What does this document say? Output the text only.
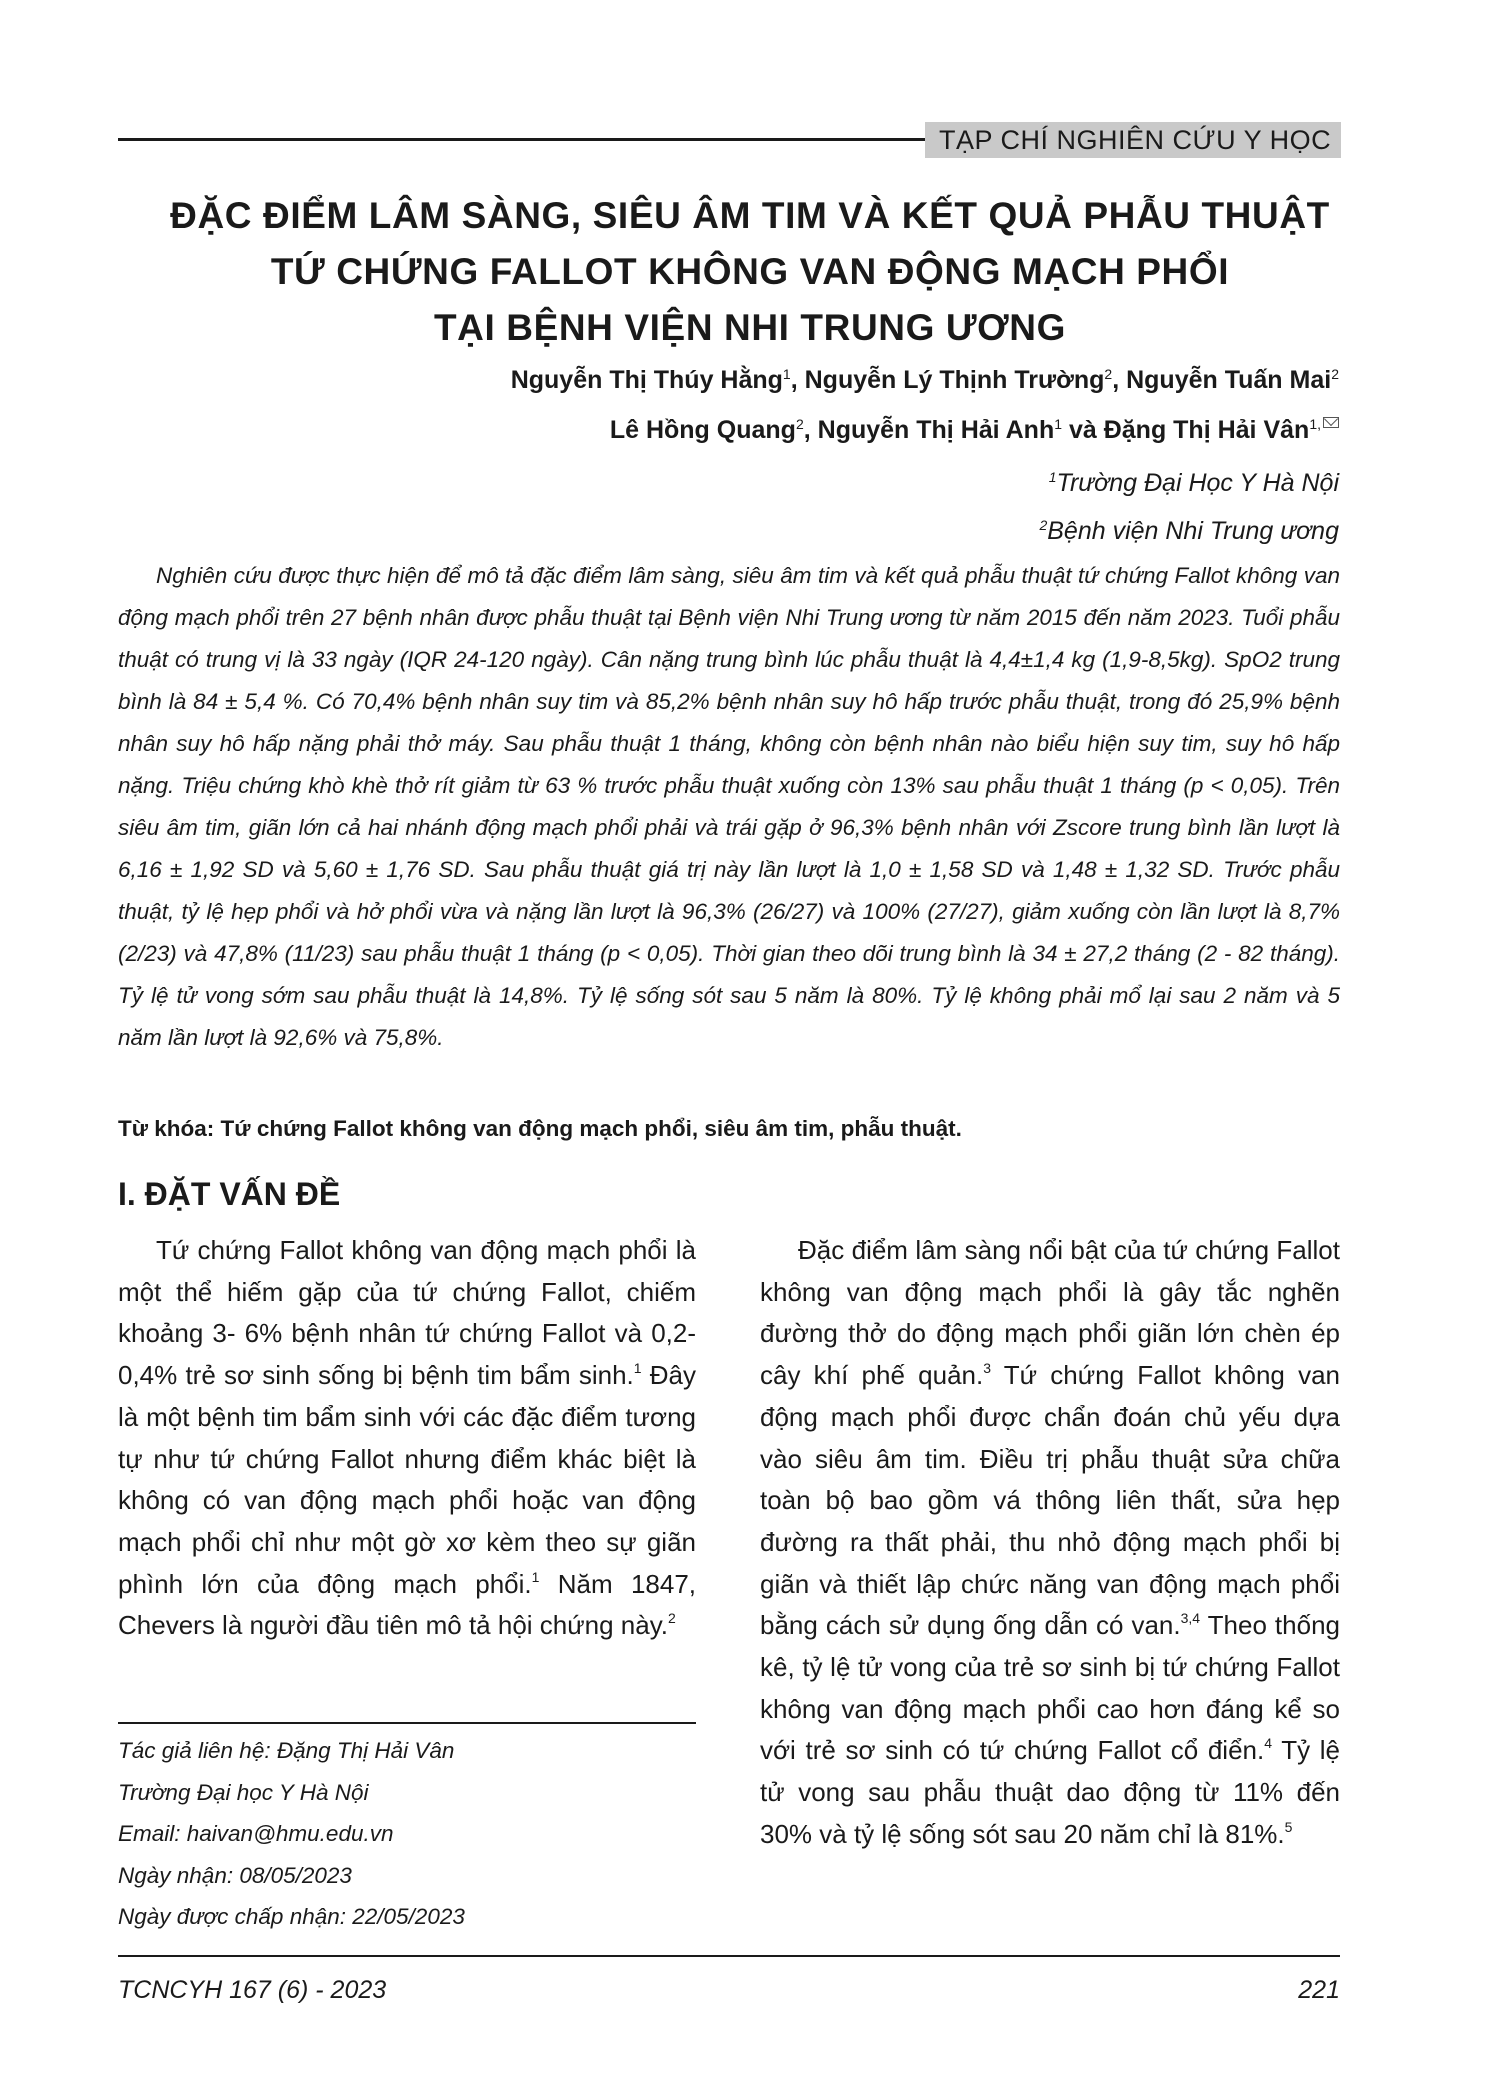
TẠP CHÍ NGHIÊN CỨU Y HỌC
ĐẶC ĐIỂM LÂM SÀNG, SIÊU ÂM TIM VÀ KẾT QUẢ PHẪU THUẬT
TỨ CHỨNG FALLOT KHÔNG VAN ĐỘNG MẠCH PHỔI
TẠI BỆNH VIỆN NHI TRUNG ƯƠNG
Nguyễn Thị Thúy Hằng$^1$, Nguyễn Lý Thịnh Trường$^2$, Nguyễn Tuấn Mai$^2$
Lê Hồng Quang$^2$, Nguyễn Thị Hải Anh$^1$ và Đặng Thị Hải Vân$^{1,}$
$^1$Trường Đại Học Y Hà Nội
$^2$Bệnh viện Nhi Trung ương

Nghiên cứu được thực hiện để mô tả đặc điểm lâm sàng, siêu âm tim và kết quả phẫu thuật tứ chứng Fallot không van động mạch phổi trên 27 bệnh nhân được phẫu thuật tại Bệnh viện Nhi Trung ương từ năm 2015 đến năm 2023. Tuổi phẫu thuật có trung vị là 33 ngày (IQR 24-120 ngày). Cân nặng trung bình lúc phẫu thuật là 4,4±1,4 kg (1,9-8,5kg). SpO2 trung bình là 84 ± 5,4 %. Có 70,4% bệnh nhân suy tim và 85,2% bệnh nhân suy hô hấp trước phẫu thuật, trong đó 25,9% bệnh nhân suy hô hấp nặng phải thở máy. Sau phẫu thuật 1 tháng, không còn bệnh nhân nào biểu hiện suy tim, suy hô hấp nặng. Triệu chứng khò khè thở rít giảm từ 63 % trước phẫu thuật xuống còn 13% sau phẫu thuật 1 tháng (p < 0,05). Trên siêu âm tim, giãn lớn cả hai nhánh động mạch phổi phải và trái gặp ở 96,3% bệnh nhân với Zscore trung bình lần lượt là 6,16 ± 1,92 SD và 5,60 ± 1,76 SD. Sau phẫu thuật giá trị này lần lượt là 1,0 ± 1,58 SD và 1,48 ± 1,32 SD. Trước phẫu thuật, tỷ lệ hẹp phổi và hở phổi vừa và nặng lần lượt là 96,3% (26/27) và 100% (27/27), giảm xuống còn lần lượt là 8,7% (2/23) và 47,8% (11/23) sau phẫu thuật 1 tháng (p < 0,05). Thời gian theo dõi trung bình là 34 ± 27,2 tháng (2 - 82 tháng). Tỷ lệ tử vong sớm sau phẫu thuật là 14,8%. Tỷ lệ sống sót sau 5 năm là 80%. Tỷ lệ không phải mổ lại sau 2 năm và 5 năm lần lượt là 92,6% và 75,8%.

Từ khóa: Tứ chứng Fallot không van động mạch phổi, siêu âm tim, phẫu thuật.

I. ĐẶT VẤN ĐỀ

Tứ chứng Fallot không van động mạch phổi là một thể hiếm gặp của tứ chứng Fallot, chiếm khoảng 3- 6% bệnh nhân tứ chứng Fallot và 0,2- 0,4% trẻ sơ sinh sống bị bệnh tim bẩm sinh.$^1$ Đây là một bệnh tim bẩm sinh với các đặc điểm tương tự như tứ chứng Fallot nhưng điểm khác biệt là không có van động mạch phổi hoặc van động mạch phổi chỉ như một gờ xơ kèm theo sự giãn phình lớn của động mạch phổi.$^1$ Năm 1847, Chevers là người đầu tiên mô tả hội chứng này.$^2$

Đặc điểm lâm sàng nổi bật của tứ chứng Fallot không van động mạch phổi là gây tắc nghẽn đường thở do động mạch phổi giãn lớn chèn ép cây khí phế quản.$^3$ Tứ chứng Fallot không van động mạch phổi được chẩn đoán chủ yếu dựa vào siêu âm tim. Điều trị phẫu thuật sửa chữa toàn bộ bao gồm vá thông liên thất, sửa hẹp đường ra thất phải, thu nhỏ động mạch phổi bị giãn và thiết lập chức năng van động mạch phổi bằng cách sử dụng ống dẫn có van.$^{3,4}$ Theo thống kê, tỷ lệ tử vong của trẻ sơ sinh bị tứ chứng Fallot không van động mạch phổi cao hơn đáng kể so với trẻ sơ sinh có tứ chứng Fallot cổ điển.$^4$ Tỷ lệ tử vong sau phẫu thuật dao động từ 11% đến 30% và tỷ lệ sống sót sau 20 năm chỉ là 81%.$^5$

Tác giả liên hệ: Đặng Thị Hải Vân
Trường Đại học Y Hà Nội
Email: haivan@hmu.edu.vn
Ngày nhận: 08/05/2023
Ngày được chấp nhận: 22/05/2023
TCNCYH 167 (6) - 2023	221
